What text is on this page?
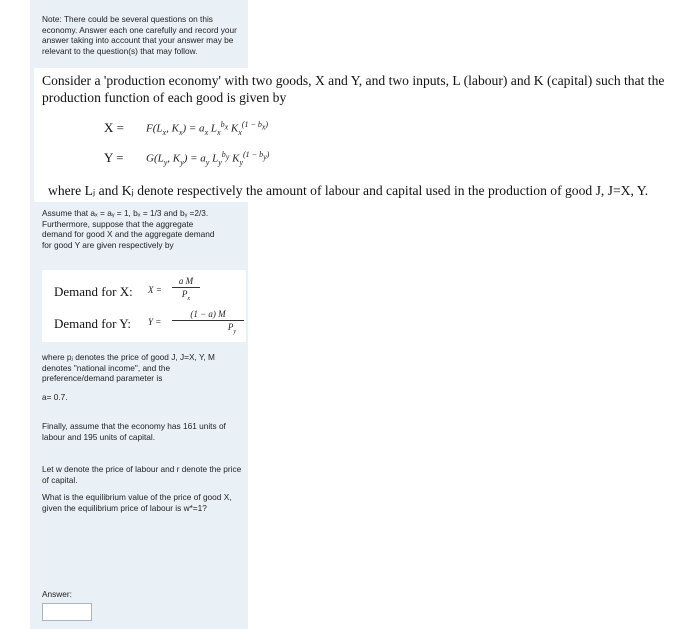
Note: There could be several questions on this economy. Answer each one carefully and record your answer taking into account that your answer may be relevant to the question(s) that may follow.
Consider a 'production economy' with two goods, X and Y, and two inputs, L (labour) and K (capital) such that the production function of each good is given by
$X = F(L_x$, $K_x) = a_x$ $L_x^{b_x}$ $K_x^{(1 - b_x)}$
$Y = G(L_y$, $K_y) = a_y$ $L_y^{b_y}$ $K_y^{(1 - b_y)}$
where Lⱼ and Kⱼ denote respectively the amount of labour and capital used in the production of good J, J=X, Y.
Assume that aₓ = aᵧ = 1, bₓ = 1/3 and bᵧ =2/3. Furthermore, suppose that the aggregate demand for good X and the aggregate demand for good Y are given respectively by
Demand for X: X =
a M
$P_x$
Demand for Y: Y =
(1 − a) M
$P_y$
where pⱼ denotes the price of good J, J=X, Y, M denotes "national income", and the preference/demand parameter is
a= 0.7.
Finally, assume that the economy has 161 units of labour and 195 units of capital.
Let w denote the price of labour and r denote the price of capital.
What is the equilibrium value of the price of good X, given the equilibrium price of labour is w*=1?
Answer:
